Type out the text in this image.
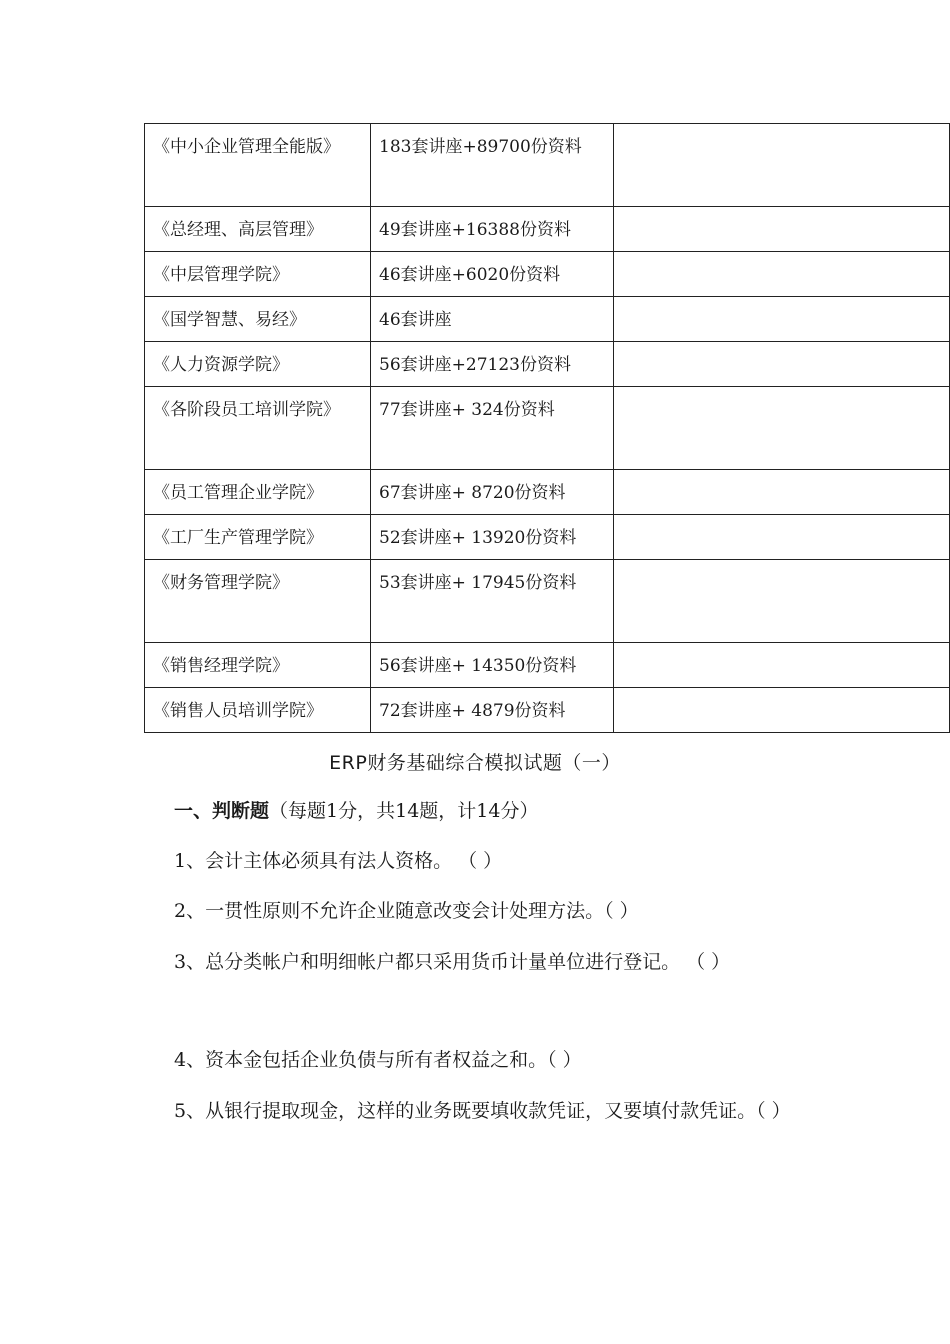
《中小企业管理全能版》	183套讲座+89700份资料	
《总经理、高层管理》	49套讲座+16388份资料	
《中层管理学院》	46套讲座+6020份资料	
《国学智慧、易经》	46套讲座	
《人力资源学院》	56套讲座+27123份资料	
《各阶段员工培训学院》	77套讲座+ 324份资料	
《员工管理企业学院》	67套讲座+ 8720份资料	
《工厂生产管理学院》	52套讲座+ 13920份资料	
《财务管理学院》	53套讲座+ 17945份资料	
《销售经理学院》	56套讲座+ 14350份资料	
《销售人员培训学院》	72套讲座+ 4879份资料	
ERP财务基础综合模拟试题（一）
一、判断题（每题1分，共14题，计14分）
1、会计主体必须具有法人资格。 （ ）
2、一贯性原则不允许企业随意改变会计处理方法。（ ）
3、总分类帐户和明细帐户都只采用货币计量单位进行登记。 （ ）
4、资本金包括企业负债与所有者权益之和。（ ）
5、从银行提取现金，这样的业务既要填收款凭证，又要填付款凭证。（ ）
